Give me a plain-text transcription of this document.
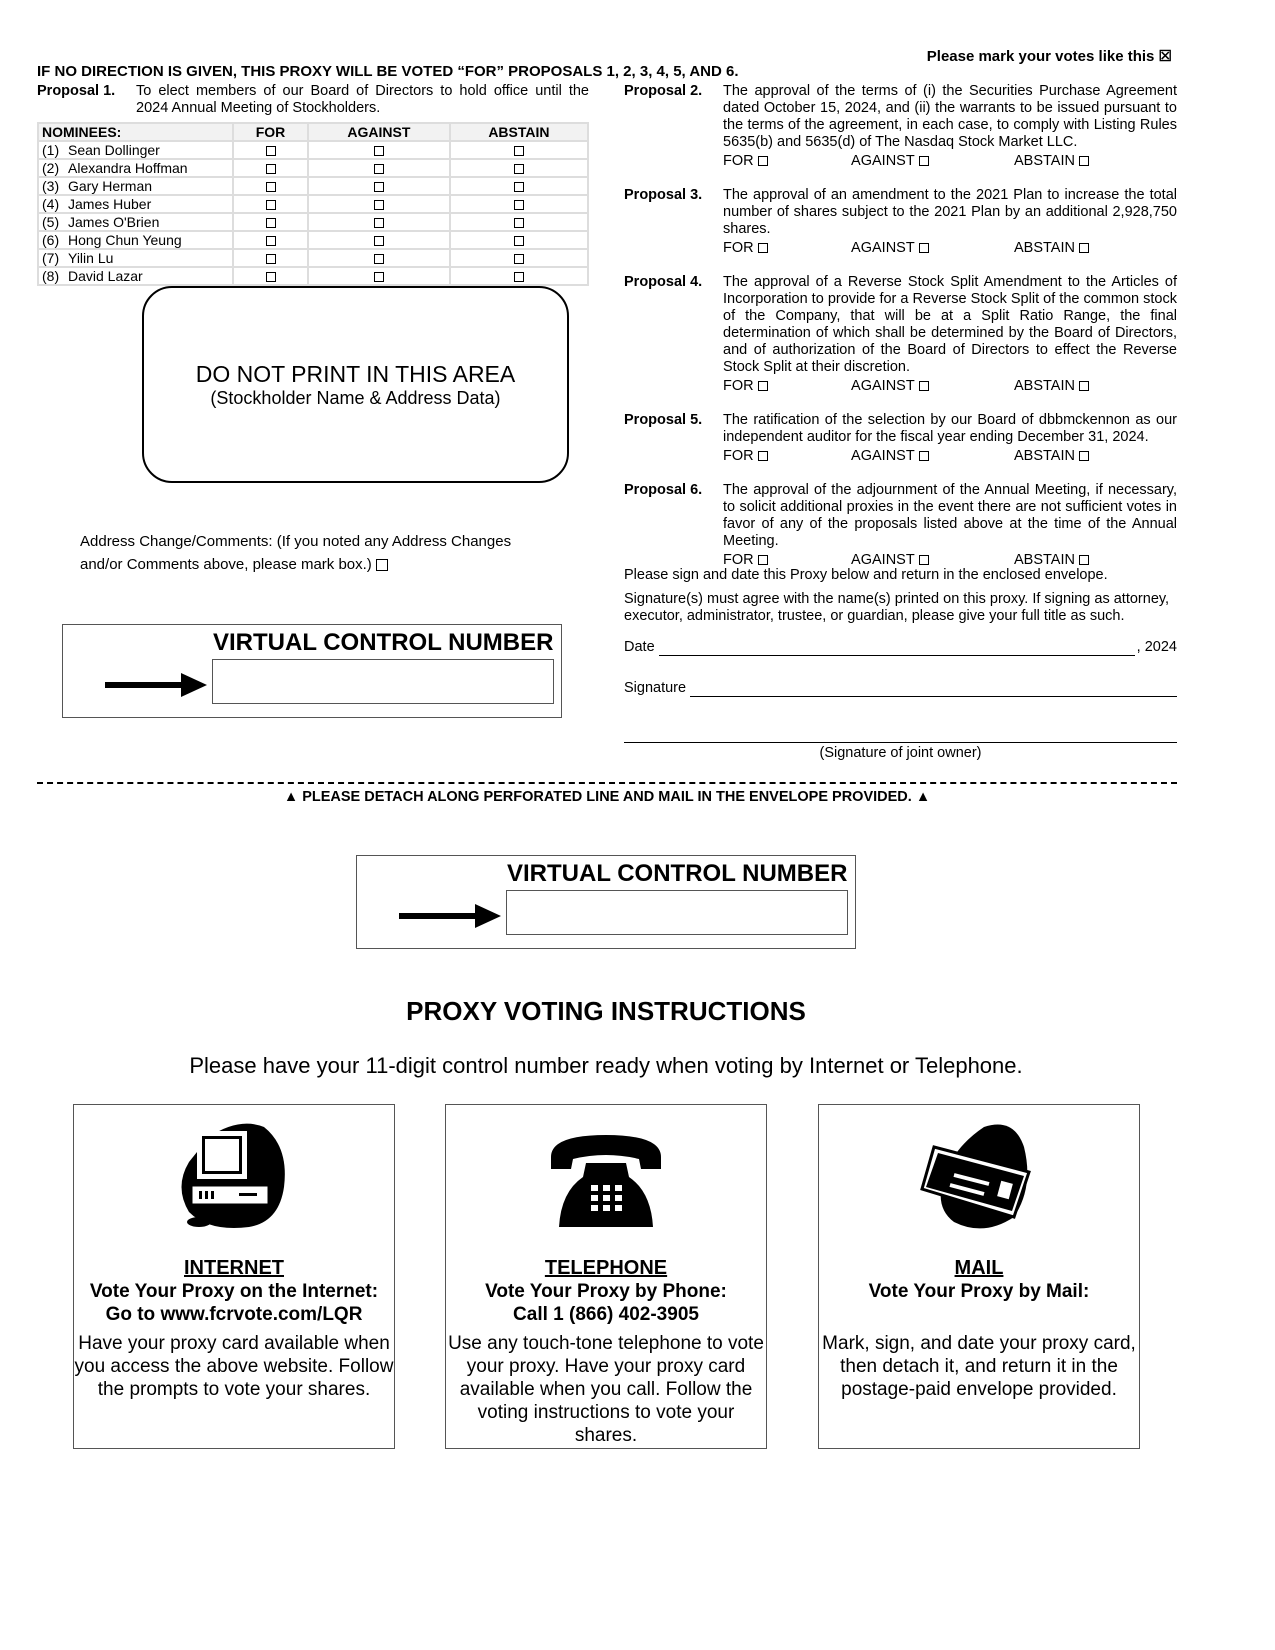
Please mark your votes like this ☒
IF NO DIRECTION IS GIVEN, THIS PROXY WILL BE VOTED “FOR” PROPOSALS 1, 2, 3, 4, 5, AND 6.
Proposal 1.	To elect members of our Board of Directors to hold office until the 2024 Annual Meeting of Stockholders.
NOMINEES:	FOR	AGAINST	ABSTAIN
(1) Sean Dollinger			
(2) Alexandra Hoffman			
(3) Gary Herman			
(4) James Huber			
(5) James O'Brien			
(6) Hong Chun Yeung			
(7) Yilin Lu			
(8) David Lazar			
DO NOT PRINT IN THIS AREA
(Stockholder Name & Address Data)
Address Change/Comments: (If you noted any Address Changes and/or Comments above, please mark box.)
VIRTUAL CONTROL NUMBER
Proposal 2.	The approval of the terms of (i) the Securities Purchase Agreement dated October 15, 2024, and (ii) the warrants to be issued pursuant to the terms of the agreement, in each case, to comply with Listing Rules 5635(b) and 5635(d) of The Nasdaq Stock Market LLC.
FOR	AGAINST	ABSTAIN
Proposal 3.	The approval of an amendment to the 2021 Plan to increase the total number of shares subject to the 2021 Plan by an additional 2,928,750 shares.
FOR	AGAINST	ABSTAIN
Proposal 4.	The approval of a Reverse Stock Split Amendment to the Articles of Incorporation to provide for a Reverse Stock Split of the common stock of the Company, that will be at a Split Ratio Range, the final determination of which shall be determined by the Board of Directors, and of authorization of the Board of Directors to effect the Reverse Stock Split at their discretion.
FOR	AGAINST	ABSTAIN
Proposal 5.	The ratification of the selection by our Board of dbbmckennon as our independent auditor for the fiscal year ending December 31, 2024.
FOR	AGAINST	ABSTAIN
Proposal 6.	The approval of the adjournment of the Annual Meeting, if necessary, to solicit additional proxies in the event there are not sufficient votes in favor of any of the proposals listed above at the time of the Annual Meeting.
FOR	AGAINST	ABSTAIN
Please sign and date this Proxy below and return in the enclosed envelope.
Signature(s) must agree with the name(s) printed on this proxy. If signing as attorney, executor, administrator, trustee, or guardian, please give your full title as such.
Date	, 2024
Signature
(Signature of joint owner)
▲ PLEASE DETACH ALONG PERFORATED LINE AND MAIL IN THE ENVELOPE PROVIDED. ▲
VIRTUAL CONTROL NUMBER
PROXY VOTING INSTRUCTIONS
Please have your 11-digit control number ready when voting by Internet or Telephone.
INTERNET
Vote Your Proxy on the Internet:
Go to www.fcrvote.com/LQR
Have your proxy card available when you access the above website. Follow the prompts to vote your shares.
TELEPHONE
Vote Your Proxy by Phone:
Call 1 (866) 402-3905
Use any touch-tone telephone to vote your proxy. Have your proxy card available when you call. Follow the voting instructions to vote your shares.
MAIL
Vote Your Proxy by Mail:
Mark, sign, and date your proxy card, then detach it, and return it in the postage-paid envelope provided.
